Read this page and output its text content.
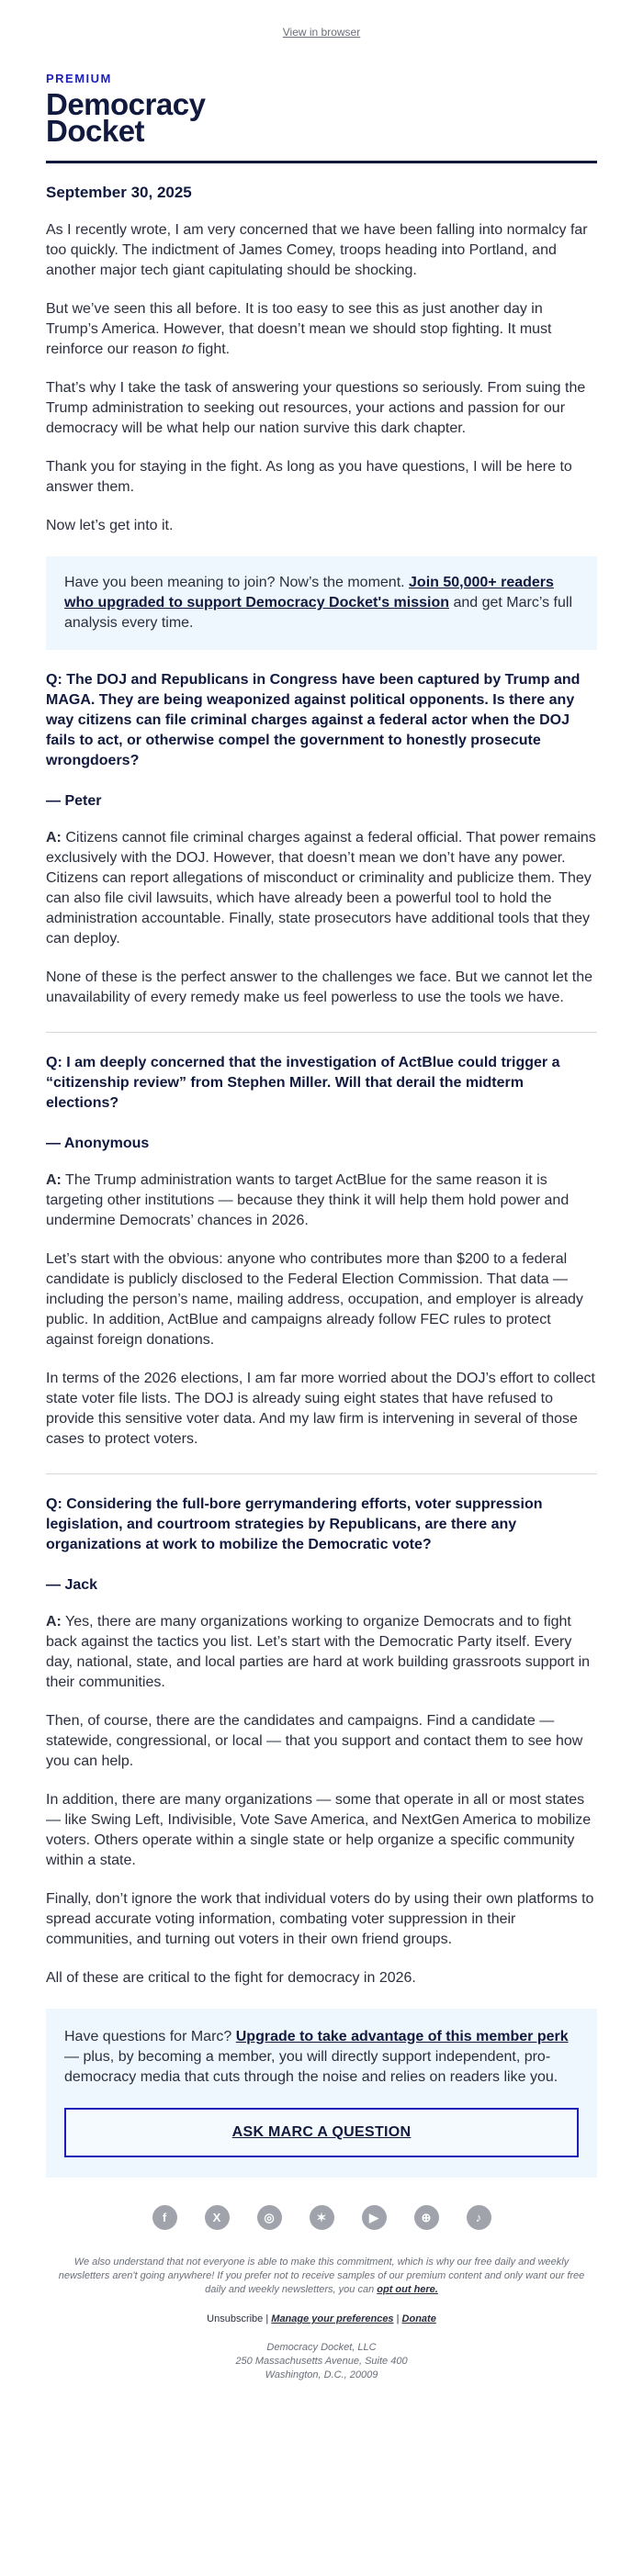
View in browser
PREMIUM
Democracy
Docket
September 30, 2025

As I recently wrote, I am very concerned that we have been falling into normalcy far too quickly. The indictment of James Comey, troops heading into Portland, and another major tech giant capitulating should be shocking.

But we’ve seen this all before. It is too easy to see this as just another day in Trump’s America. However, that doesn’t mean we should stop fighting. It must reinforce our reason to fight.

That’s why I take the task of answering your questions so seriously. From suing the Trump administration to seeking out resources, your actions and passion for our democracy will be what help our nation survive this dark chapter.

Thank you for staying in the fight. As long as you have questions, I will be here to answer them.

Now let’s get into it.

Have you been meaning to join? Now’s the moment. Join 50,000+ readers who upgraded to support Democracy Docket's mission and get Marc’s full analysis every time.
Q: The DOJ and Republicans in Congress have been captured by Trump and MAGA. They are being weaponized against political opponents. Is there any way citizens can file criminal charges against a federal actor when the DOJ fails to act, or otherwise compel the government to honestly prosecute wrongdoers?
— Peter

A: Citizens cannot file criminal charges against a federal official. That power remains exclusively with the DOJ. However, that doesn’t mean we don’t have any power. Citizens can report allegations of misconduct or criminality and publicize them. They can also file civil lawsuits, which have already been a powerful tool to hold the administration accountable. Finally, state prosecutors have additional tools that they can deploy.

None of these is the perfect answer to the challenges we face. But we cannot let the unavailability of every remedy make us feel powerless to use the tools we have.

Q: I am deeply concerned that the investigation of ActBlue could trigger a “citizenship review” from Stephen Miller. Will that derail the midterm elections?
— Anonymous

A: The Trump administration wants to target ActBlue for the same reason it is targeting other institutions — because they think it will help them hold power and undermine Democrats’ chances in 2026.

Let’s start with the obvious: anyone who contributes more than $200 to a federal candidate is publicly disclosed to the Federal Election Commission. That data — including the person’s name, mailing address, occupation, and employer is already public. In addition, ActBlue and campaigns already follow FEC rules to protect against foreign donations.

In terms of the 2026 elections, I am far more worried about the DOJ’s effort to collect state voter file lists. The DOJ is already suing eight states that have refused to provide this sensitive voter data. And my law firm is intervening in several of those cases to protect voters.

Q: Considering the full-bore gerrymandering efforts, voter suppression legislation, and courtroom strategies by Republicans, are there any organizations at work to mobilize the Democratic vote?
— Jack

A: Yes, there are many organizations working to organize Democrats and to fight back against the tactics you list. Let’s start with the Democratic Party itself. Every day, national, state, and local parties are hard at work building grassroots support in their communities.

Then, of course, there are the candidates and campaigns. Find a candidate — statewide, congressional, or local — that you support and contact them to see how you can help.

In addition, there are many organizations — some that operate in all or most states — like Swing Left, Indivisible, Vote Save America, and NextGen America to mobilize voters. Others operate within a single state or help organize a specific community within a state.

Finally, don’t ignore the work that individual voters do by using their own platforms to spread accurate voting information, combating voter suppression in their communities, and turning out voters in their own friend groups.

All of these are critical to the fight for democracy in 2026.

Have questions for Marc? Upgrade to take advantage of this member perk — plus, by becoming a member, you will directly support independent, pro-democracy media that cuts through the noise and relies on readers like you.
ASK MARC A QUESTION
f	X	◎	✶	▶	⊕	♪
We also understand that not everyone is able to make this commitment, which is why our free daily and weekly newsletters aren't going anywhere! If you prefer not to receive samples of our premium content and only want our free daily and weekly newsletters, you can opt out here.
Unsubscribe | Manage your preferences | Donate
Democracy Docket, LLC
250 Massachusetts Avenue, Suite 400
Washington, D.C., 20009
